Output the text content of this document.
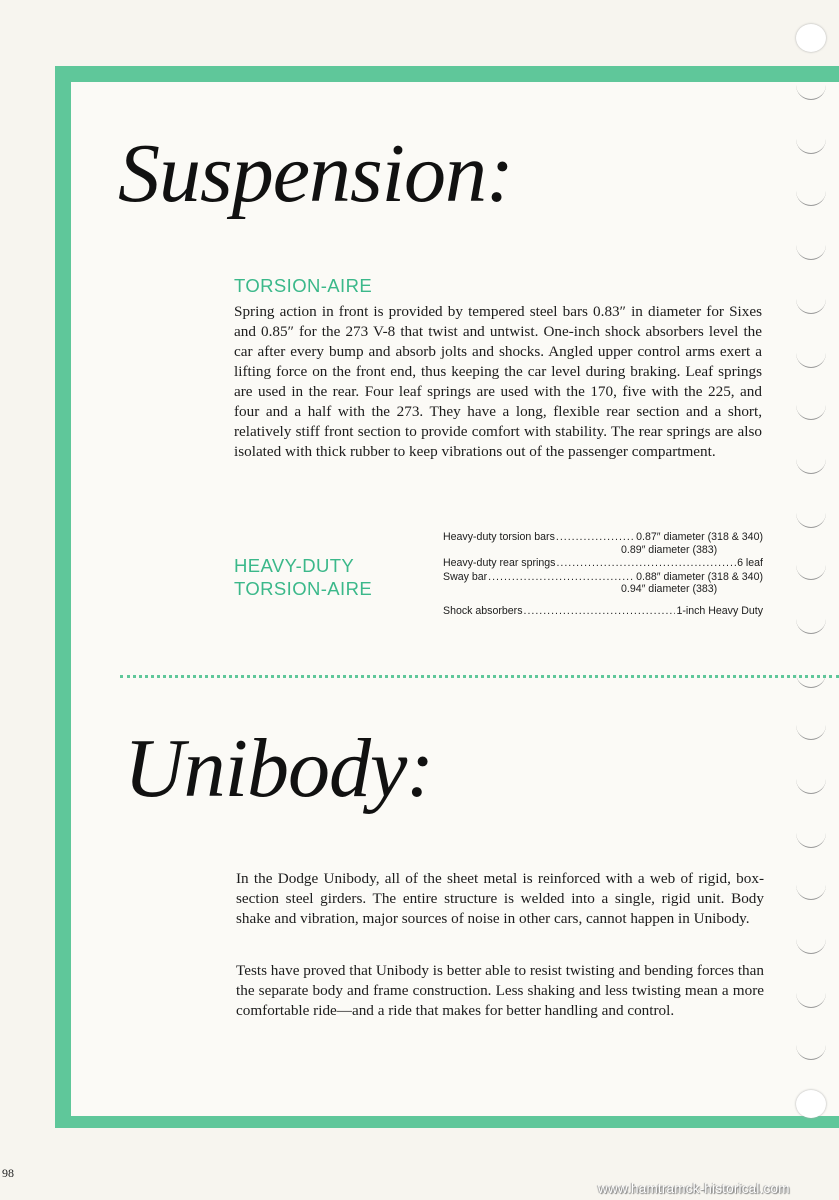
Suspension:
TORSION-AIRE

Spring action in front is provided by tempered steel bars 0.83″ in diameter for Sixes and 0.85″ for the 273 V-8 that twist and untwist. One-inch shock absorbers level the car after every bump and absorb jolts and shocks. Angled upper control arms exert a lifting force on the front end, thus keeping the car level during braking. Leaf springs are used in the rear. Four leaf springs are used with the 170, five with the 225, and four and a half with the 273. They have a long, flexible rear section and a short, relatively stiff front section to provide comfort with stability. The rear springs are also isolated with thick rubber to keep vibrations out of the passenger compartment.

HEAVY-DUTY
TORSION-AIRE
Heavy-duty torsion bars .....	0.87″ diameter (318 & 340)
0.89″ diameter (383)
Heavy-duty rear springs .....	6 leaf
Sway bar .....	0.88″ diameter (318 & 340)
0.94″ diameter (383)
Shock absorbers .....	1-inch Heavy Duty
Unibody:

In the Dodge Unibody, all of the sheet metal is reinforced with a web of rigid, box-section steel girders. The entire structure is welded into a single, rigid unit. Body shake and vibration, major sources of noise in other cars, cannot happen in Unibody.

Tests have proved that Unibody is better able to resist twisting and bending forces than the separate body and frame construction. Less shaking and less twisting mean a more comfortable ride—and a ride that makes for better handling and control.

98

www.hamtramck-historical.com
